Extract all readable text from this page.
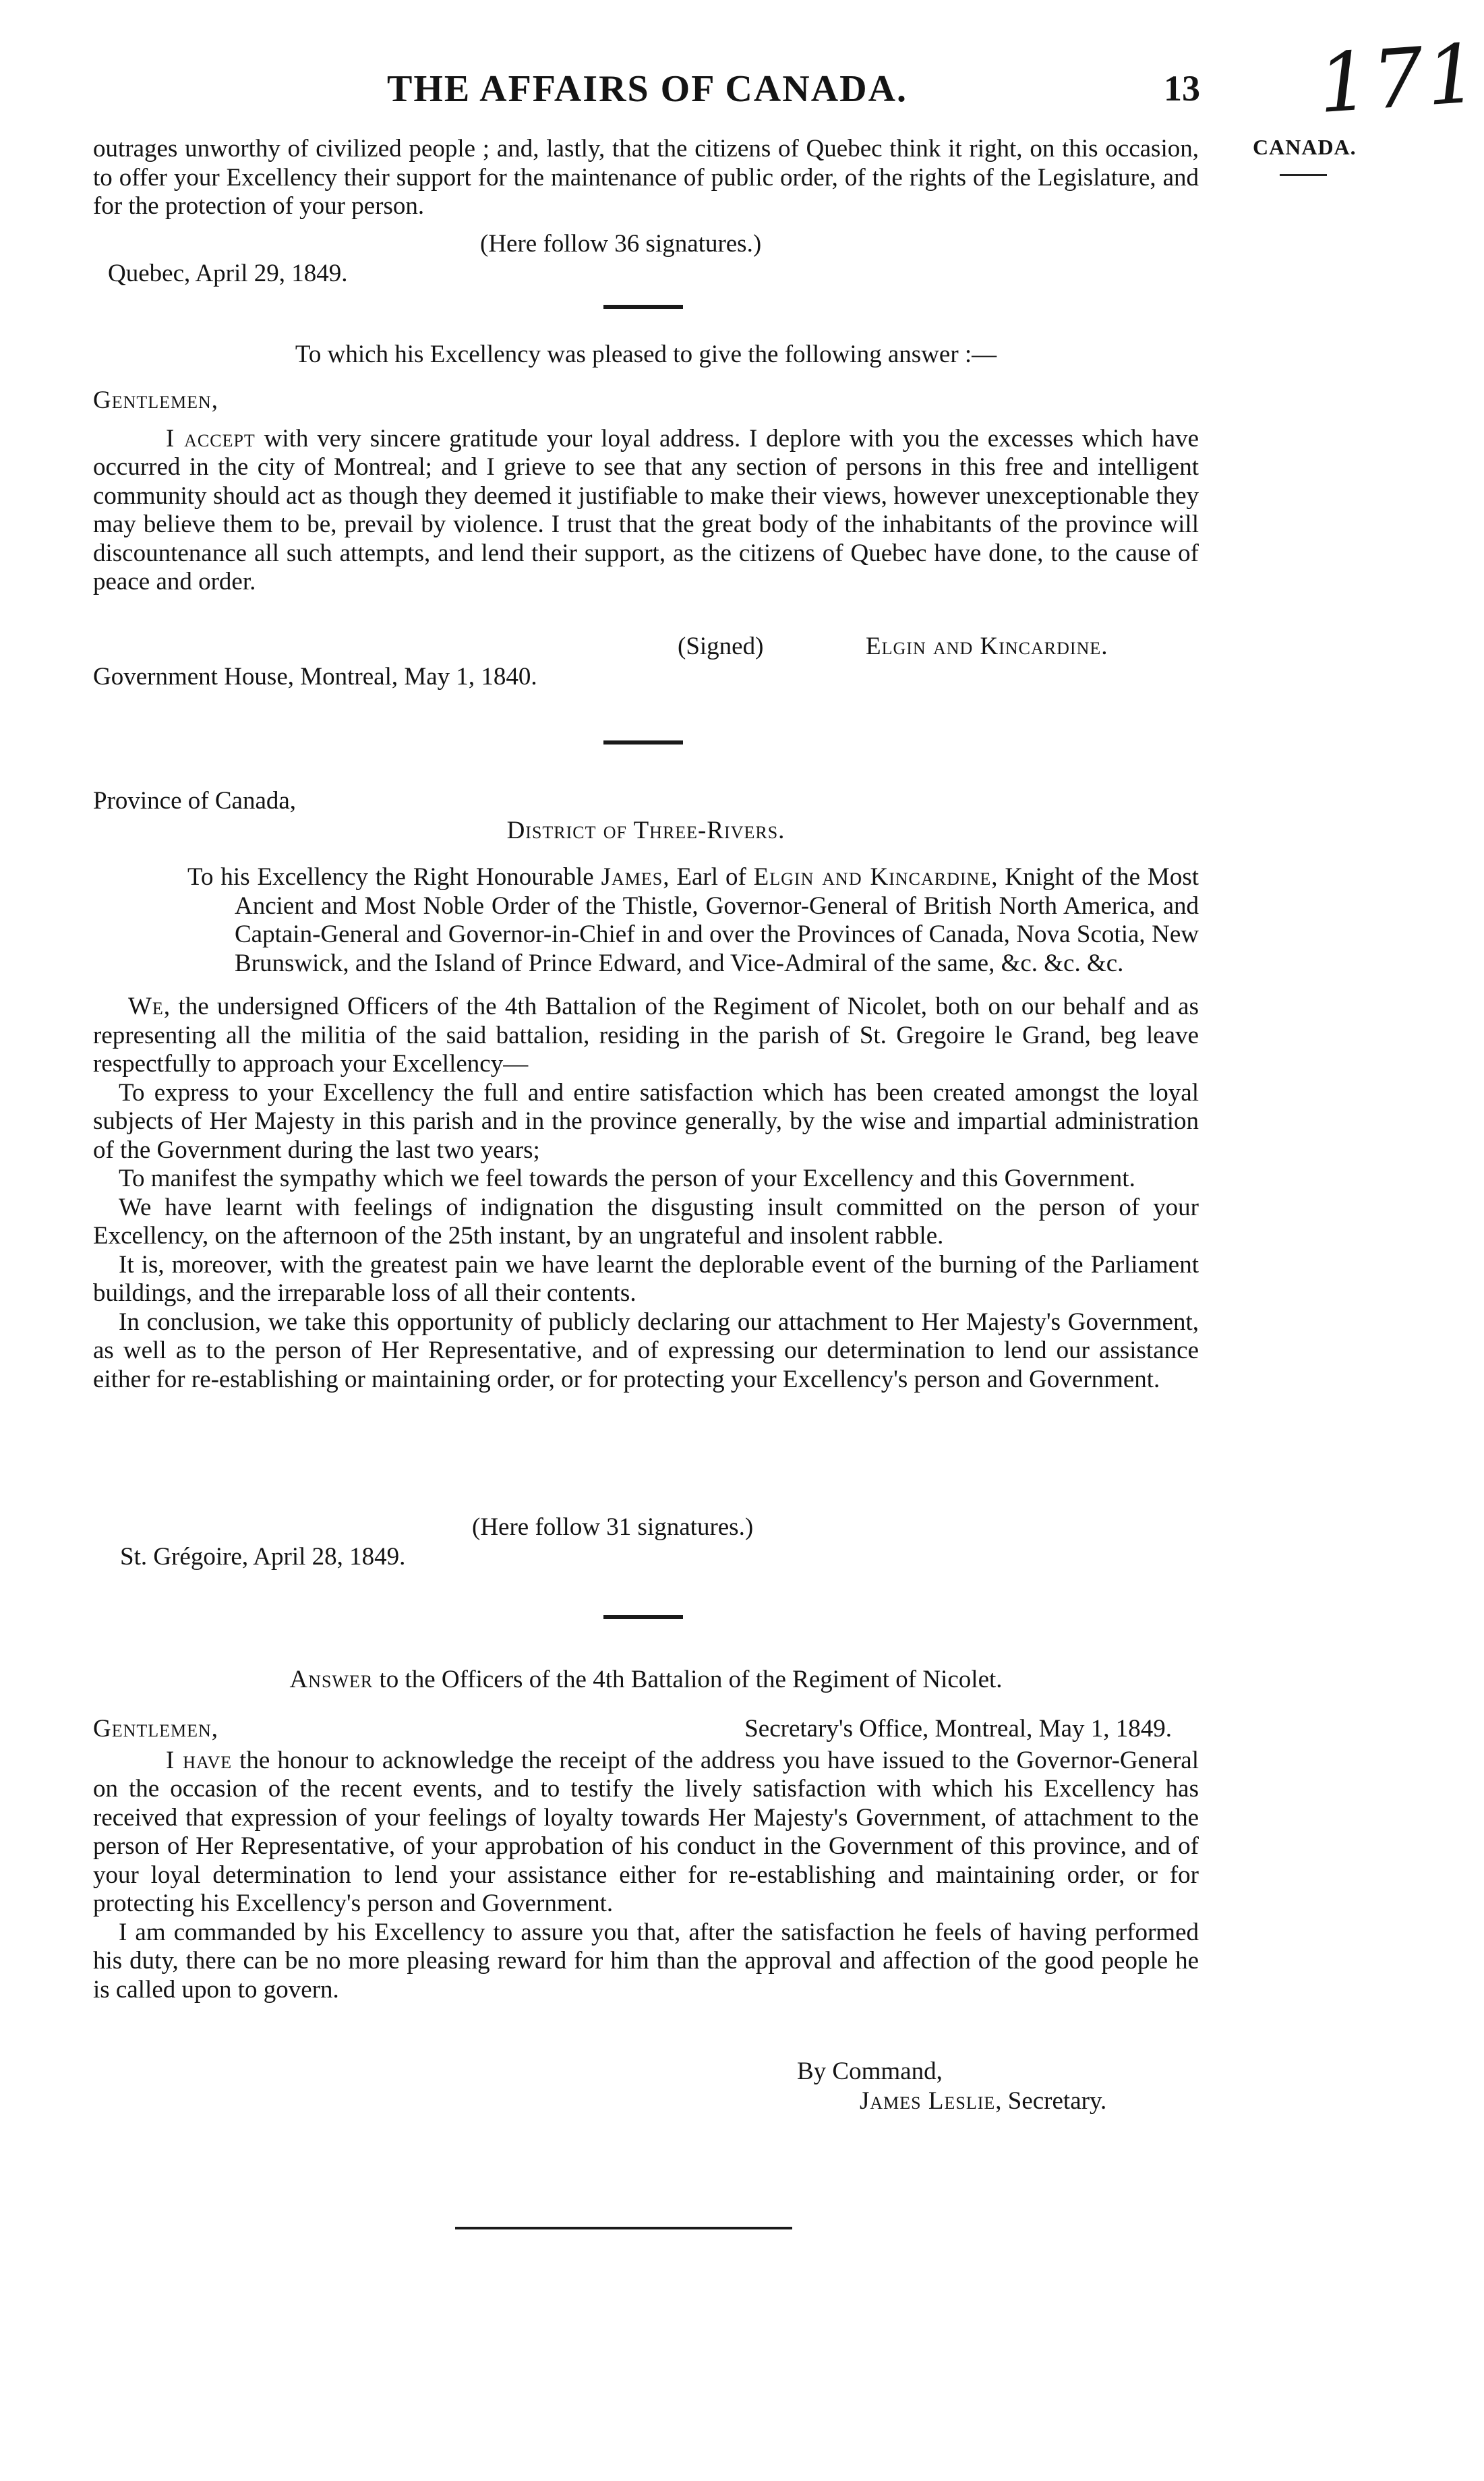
THE AFFAIRS OF CANADA.	13 171
CANADA.

outrages unworthy of civilized people ; and, lastly, that the citizens of Quebec think it right, on this occasion, to offer your Excellency their support for the maintenance of public order, of the rights of the Legislature, and for the protection of your person.

(Here follow 36 signatures.)
Quebec, April 29, 1849.

To which his Excellency was pleased to give the following answer :—

Gentlemen,

I accept with very sincere gratitude your loyal address. I deplore with you the excesses which have occurred in the city of Montreal; and I grieve to see that any section of persons in this free and intelligent community should act as though they deemed it justifiable to make their views, however unexceptionable they may believe them to be, prevail by violence. I trust that the great body of the inhabitants of the province will discountenance all such attempts, and lend their support, as the citizens of Quebec have done, to the cause of peace and order.

(Signed)	Elgin and Kincardine.
Government House, Montreal, May 1, 1840.
Province of Canada,

District of Three-Rivers.

To his Excellency the Right Honourable James, Earl of Elgin and Kincardine, Knight of the Most Ancient and Most Noble Order of the Thistle, Governor-General of British North America, and Captain-General and Governor-in-Chief in and over the Provinces of Canada, Nova Scotia, New Brunswick, and the Island of Prince Edward, and Vice-Admiral of the same, &c. &c. &c.

We, the undersigned Officers of the 4th Battalion of the Regiment of Nicolet, both on our behalf and as representing all the militia of the said battalion, residing in the parish of St. Gregoire le Grand, beg leave respectfully to approach your Excellency—

To express to your Excellency the full and entire satisfaction which has been created amongst the loyal subjects of Her Majesty in this parish and in the province generally, by the wise and impartial administration of the Government during the last two years;

To manifest the sympathy which we feel towards the person of your Excellency and this Government.

We have learnt with feelings of indignation the disgusting insult committed on the person of your Excellency, on the afternoon of the 25th instant, by an ungrateful and insolent rabble.

It is, moreover, with the greatest pain we have learnt the deplorable event of the burning of the Parliament buildings, and the irreparable loss of all their contents.

In conclusion, we take this opportunity of publicly declaring our attachment to Her Majesty's Government, as well as to the person of Her Representative, and of expressing our determination to lend our assistance either for re-establishing or maintaining order, or for protecting your Excellency's person and Government.

(Here follow 31 signatures.)
St. Grégoire, April 28, 1849.

Answer to the Officers of the 4th Battalion of the Regiment of Nicolet.

Gentlemen,	Secretary's Office, Montreal, May 1, 1849.

I have the honour to acknowledge the receipt of the address you have issued to the Governor-General on the occasion of the recent events, and to testify the lively satisfaction with which his Excellency has received that expression of your feelings of loyalty towards Her Majesty's Government, of attachment to the person of Her Representative, of your approbation of his conduct in the Government of this province, and of your loyal determination to lend your assistance either for re-establishing and maintaining order, or for protecting his Excellency's person and Government.

I am commanded by his Excellency to assure you that, after the satisfaction he feels of having performed his duty, there can be no more pleasing reward for him than the approval and affection of the good people he is called upon to govern.

By Command,
James Leslie, Secretary.
